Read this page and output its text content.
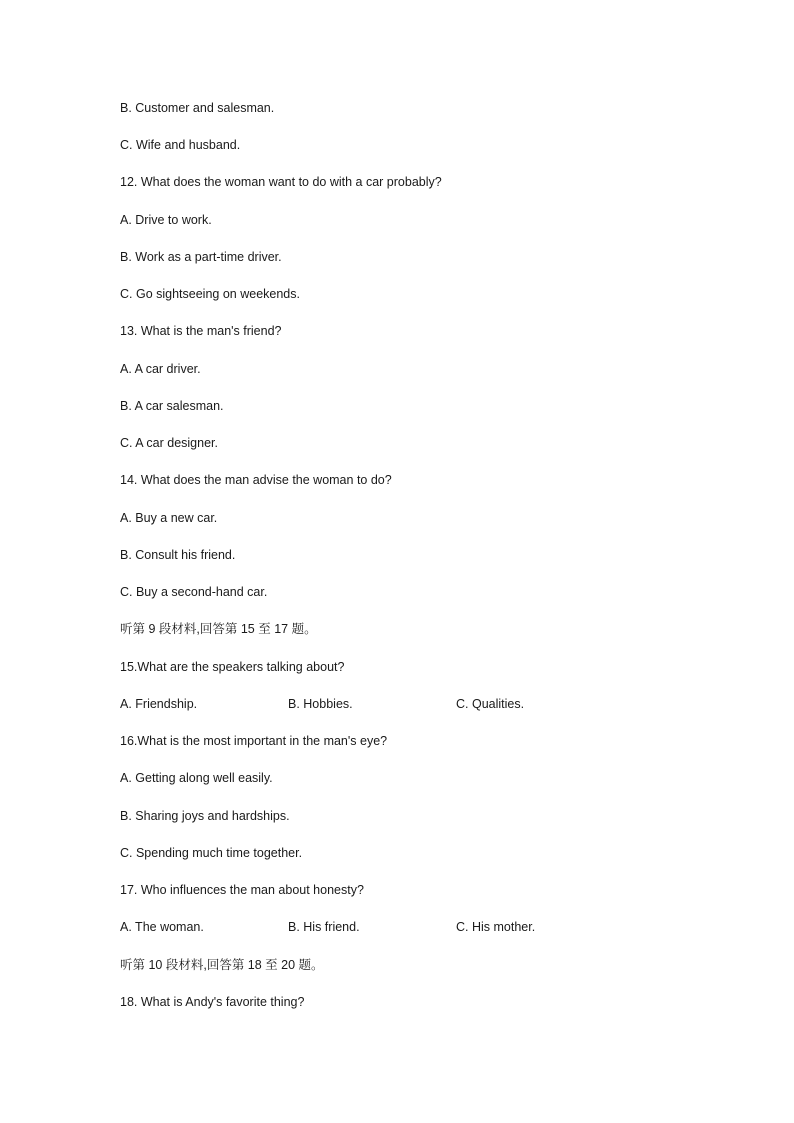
B. Customer and salesman.
C. Wife and husband.
12. What does the woman want to do with a car probably?
A. Drive to work.
B. Work as a part-time driver.
C. Go sightseeing on weekends.
13. What is the man's friend?
A. A car driver.
B. A car salesman.
C. A car designer.
14. What does the man advise the woman to do?
A. Buy a new car.
B. Consult his friend.
C. Buy a second-hand car.
听第 9 段材料,回答第 15 至 17 题。
15.What are the speakers talking about?
A. Friendship.	B. Hobbies.	C. Qualities.
16.What is the most important in the man's eye?
A. Getting along well easily.
B. Sharing joys and hardships.
C. Spending much time together.
17. Who influences the man about honesty?
A. The woman.	B. His friend.	C. His mother.
听第 10 段材料,回答第 18 至 20 题。
18. What is Andy's favorite thing?
